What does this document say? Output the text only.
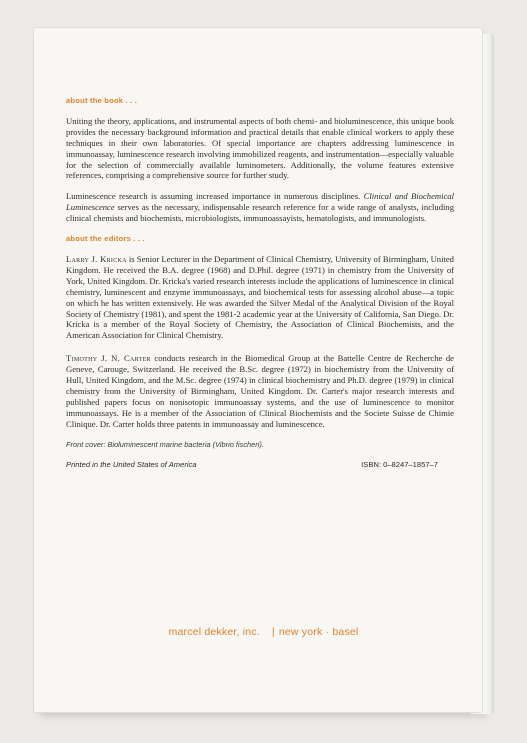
about the book . . .

Uniting the theory, applications, and instrumental aspects of both chemi- and bioluminescence, this unique book provides the necessary background information and practical details that enable clinical workers to apply these techniques in their own laboratories. Of special importance are chapters addressing luminescence in immunoassay, luminescence research involving immobilized reagents, and instrumentation—especially valuable for the selection of commercially available luminometers. Additionally, the volume features extensive references, comprising a comprehensive source for further study.

Luminescence research is assuming increased importance in numerous disciplines. Clinical and Biochemical Luminescence serves as the necessary, indispensable research reference for a wide range of analysts, including clinical chemists and biochemists, microbiologists, immunoassayists, hematologists, and immunologists.

about the editors . . .

Larry J. Kricka is Senior Lecturer in the Department of Clinical Chemistry, University of Birmingham, United Kingdom. He received the B.A. degree (1968) and D.Phil. degree (1971) in chemistry from the University of York, United Kingdom. Dr. Kricka's varied research interests include the applications of luminescence in clinical chemistry, luminescent and enzyme immunoassays, and biochemical tests for assessing alcohol abuse—a topic on which he has written extensively. He was awarded the Silver Medal of the Analytical Division of the Royal Society of Chemistry (1981), and spent the 1981-2 academic year at the University of California, San Diego. Dr. Kricka is a member of the Royal Society of Chemistry, the Association of Clinical Biochemists, and the American Association for Clinical Chemistry.

Timothy J. N. Carter conducts research in the Biomedical Group at the Battelle Centre de Recherche de Geneve, Carouge, Switzerland. He received the B.Sc. degree (1972) in biochemistry from the University of Hull, United Kingdom, and the M.Sc. degree (1974) in clinical biochemistry and Ph.D. degree (1979) in clinical chemistry from the University of Birmingham, United Kingdom. Dr. Carter's major research interests and published papers focus on nonisotopic immunoassay systems, and the use of luminescence to monitor immunoassays. He is a member of the Association of Clinical Biochemists and the Societe Suisse de Chimie Clinique. Dr. Carter holds three patents in immunoassay and luminescence.

Front cover: Bioluminescent marine bacteria (Vibrio fischeri).
Printed in the United States of America	ISBN: 0–8247–1857–7
marcel dekker, inc. | new york · basel
